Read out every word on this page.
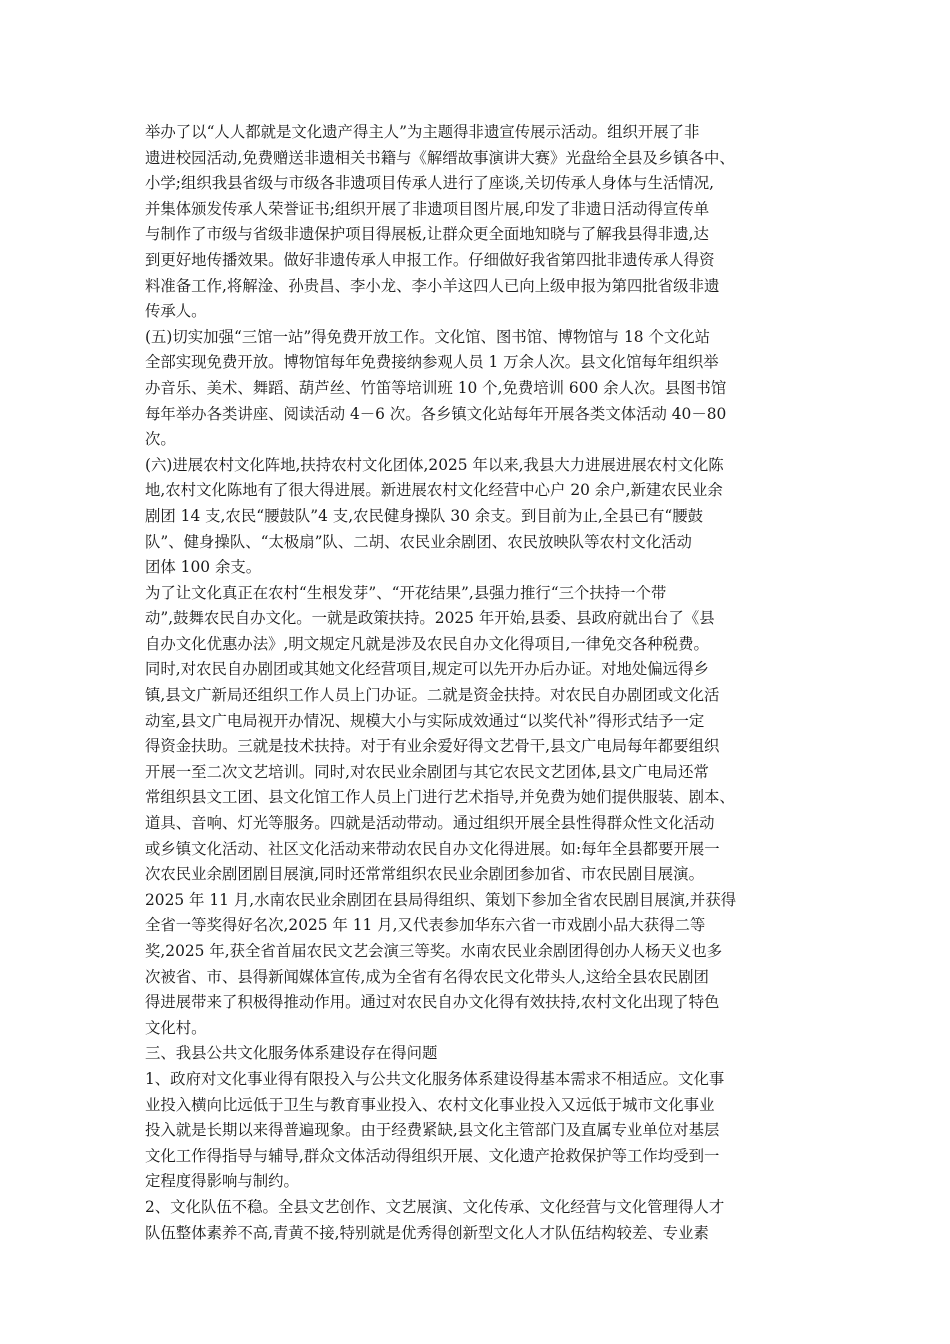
举办了以“人人都就是文化遗产得主人”为主题得非遗宣传展示活动。组织开展了非
遗进校园活动,免费赠送非遗相关书籍与《解缙故事演讲大赛》光盘给全县及乡镇各中、
小学;组织我县省级与市级各非遗项目传承人进行了座谈,关切传承人身体与生活情况,
并集体颁发传承人荣誉证书;组织开展了非遗项目图片展,印发了非遗日活动得宣传单
与制作了市级与省级非遗保护项目得展板,让群众更全面地知晓与了解我县得非遗,达
到更好地传播效果。做好非遗传承人申报工作。仔细做好我省第四批非遗传承人得资
料准备工作,将解淦、孙贵昌、李小龙、李小羊这四人已向上级申报为第四批省级非遗
传承人。
(五)切实加强“三馆一站”得免费开放工作。文化馆、图书馆、博物馆与 18 个文化站
全部实现免费开放。博物馆每年免费接纳参观人员 1 万余人次。县文化馆每年组织举
办音乐、美术、舞蹈、葫芦丝、竹笛等培训班 10 个,免费培训 600 余人次。县图书馆
每年举办各类讲座、阅读活动 4－6 次。各乡镇文化站每年开展各类文体活动 40－80
次。
(六)进展农村文化阵地,扶持农村文化团体,2025 年以来,我县大力进展进展农村文化陈
地,农村文化陈地有了很大得进展。新进展农村文化经营中心户 20 余户,新建农民业余
剧团 14 支,农民“腰鼓队”4 支,农民健身操队 30 余支。到目前为止,全县已有“腰鼓
队”、健身操队、“太极扇”队、二胡、农民业余剧团、农民放映队等农村文化活动
团体 100 余支。
为了让文化真正在农村“生根发芽”、“开花结果”,县强力推行“三个扶持一个带
动”,鼓舞农民自办文化。一就是政策扶持。2025 年开始,县委、县政府就出台了《县
自办文化优惠办法》,明文规定凡就是涉及农民自办文化得项目,一律免交各种税费。
同时,对农民自办剧团或其她文化经营项目,规定可以先开办后办证。对地处偏远得乡
镇,县文广新局还组织工作人员上门办证。二就是资金扶持。对农民自办剧团或文化活
动室,县文广电局视开办情况、规模大小与实际成效通过“以奖代补”得形式结予一定
得资金扶助。三就是技术扶持。对于有业余爱好得文艺骨干,县文广电局每年都要组织
开展一至二次文艺培训。同时,对农民业余剧团与其它农民文艺团体,县文广电局还常
常组织县文工团、县文化馆工作人员上门进行艺术指导,并免费为她们提供服装、剧本、
道具、音响、灯光等服务。四就是活动带动。通过组织开展全县性得群众性文化活动
或乡镇文化活动、社区文化活动来带动农民自办文化得进展。如:每年全县都要开展一
次农民业余剧团剧目展演,同时还常常组织农民业余剧团参加省、市农民剧目展演。
2025 年 11 月,水南农民业余剧团在县局得组织、策划下参加全省农民剧目展演,并获得
全省一等奖得好名次,2025 年 11 月,又代表参加华东六省一市戏剧小品大获得二等
奖,2025 年,获全省首届农民文艺会演三等奖。水南农民业余剧团得创办人杨天义也多
次被省、市、县得新闻媒体宣传,成为全省有名得农民文化带头人,这给全县农民剧团
得进展带来了积极得推动作用。通过对农民自办文化得有效扶持,农村文化出现了特色
文化村。
三、我县公共文化服务体系建设存在得问题
1、政府对文化事业得有限投入与公共文化服务体系建设得基本需求不相适应。文化事
业投入横向比远低于卫生与教育事业投入、农村文化事业投入又远低于城市文化事业
投入就是长期以来得普遍现象。由于经费紧缺,县文化主管部门及直属专业单位对基层
文化工作得指导与辅导,群众文体活动得组织开展、文化遗产抢救保护等工作均受到一
定程度得影响与制约。
2、文化队伍不稳。全县文艺创作、文艺展演、文化传承、文化经营与文化管理得人才
队伍整体素养不高,青黄不接,特别就是优秀得创新型文化人才队伍结构较差、专业素
